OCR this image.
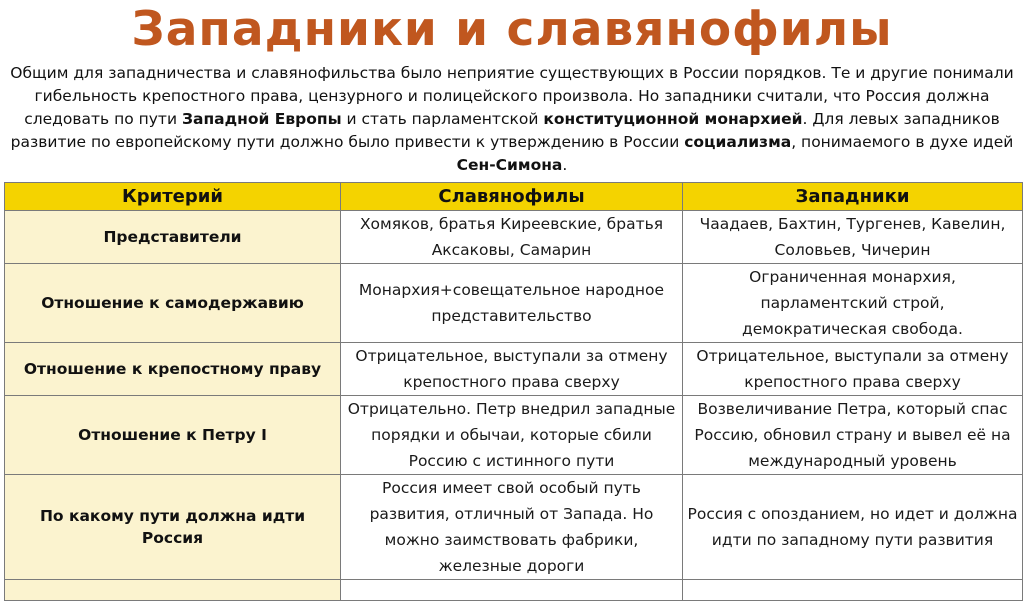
Западники и славянофилы
Общим для западничества и славянофильства было неприятие существующих в России порядков. Те и другие понимали гибельность крепостного права, цензурного и полицейского произвола. Но западники считали, что Россия должна следовать по пути Западной Европы и стать парламентской конституционной монархией. Для левых западников развитие по европейскому пути должно было привести к утверждению в России социализма, понимаемого в духе идей Сен-Симона.
Критерий	Славянофилы	Западники
Представители	Хомяков, братья Киреевские, братья Аксаковы, Самарин	Чаадаев, Бахтин, Тургенев, Кавелин, Соловьев, Чичерин
Отношение к самодержавию	Монархия+совещательное народное представительство	Ограниченная монархия, парламентский строй, демократическая свобода.
Отношение к крепостному праву	Отрицательное, выступали за отмену крепостного права сверху	Отрицательное, выступали за отмену крепостного права сверху
Отношение к Петру I	Отрицательно. Петр внедрил западные порядки и обычаи, которые сбили Россию с истинного пути	Возвеличивание Петра, который спас Россию, обновил страну и вывел её на международный уровень
По какому пути должна идти Россия	Россия имеет свой особый путь развития, отличный от Запада. Но можно заимствовать фабрики, железные дороги	Россия с опозданием, но идет и должна идти по западному пути развития
